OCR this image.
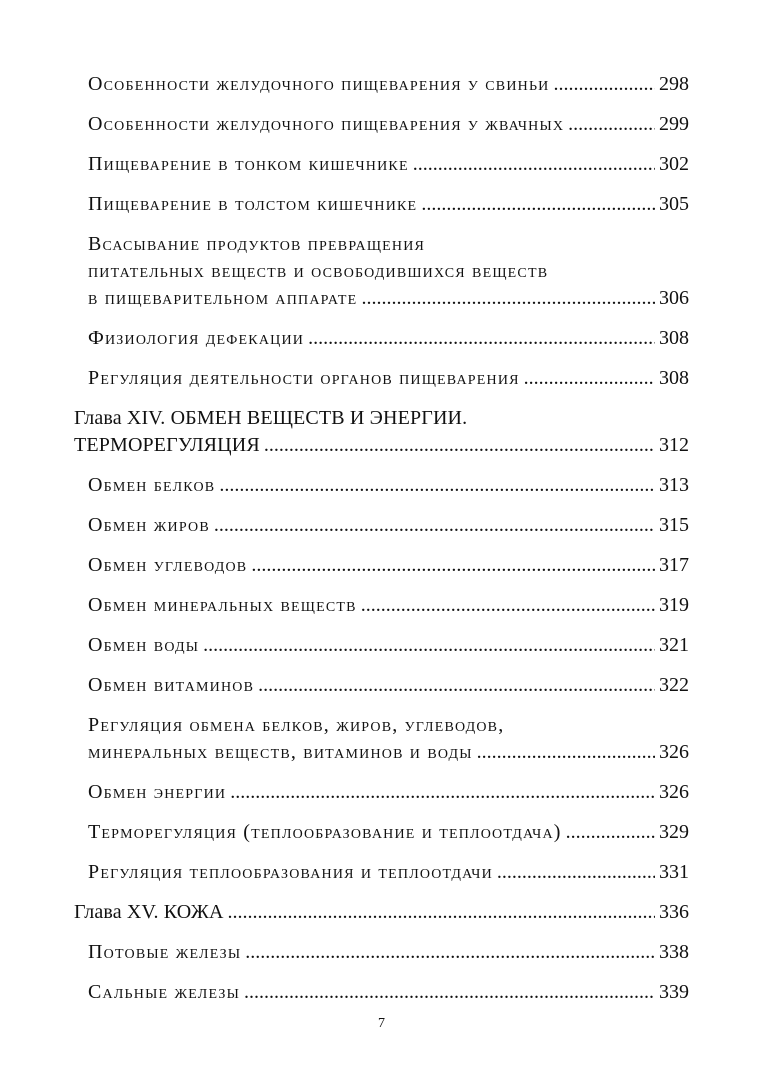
Особенности желудочного пищеварения у свиньи .....	298
Особенности желудочного пищеварения у жвачных .....	299
Пищеварение в тонком кишечнике .....	302
Пищеварение в толстом кишечнике .....	305
Всасывание продуктов превращения
питательных веществ и освободившихся веществ
в пищеварительном аппарате .....	306
Физиология дефекации .....	308
Регуляция деятельности органов пищеварения .....	308
Глава XIV. ОБМЕН ВЕЩЕСТВ И ЭНЕРГИИ.
ТЕРМОРЕГУЛЯЦИЯ .....	312
Обмен белков .....	313
Обмен жиров .....	315
Обмен углеводов .....	317
Обмен минеральных веществ .....	319
Обмен воды .....	321
Обмен витаминов .....	322
Регуляция обмена белков, жиров, углеводов,
минеральных веществ, витаминов и воды .....	326
Обмен энергии .....	326
Терморегуляция (теплообразование и теплоотдача) .....	329
Регуляция теплообразования и теплоотдачи .....	331
Глава XV. КОЖА .....	336
Потовые железы .....	338
Сальные железы .....	339
7
